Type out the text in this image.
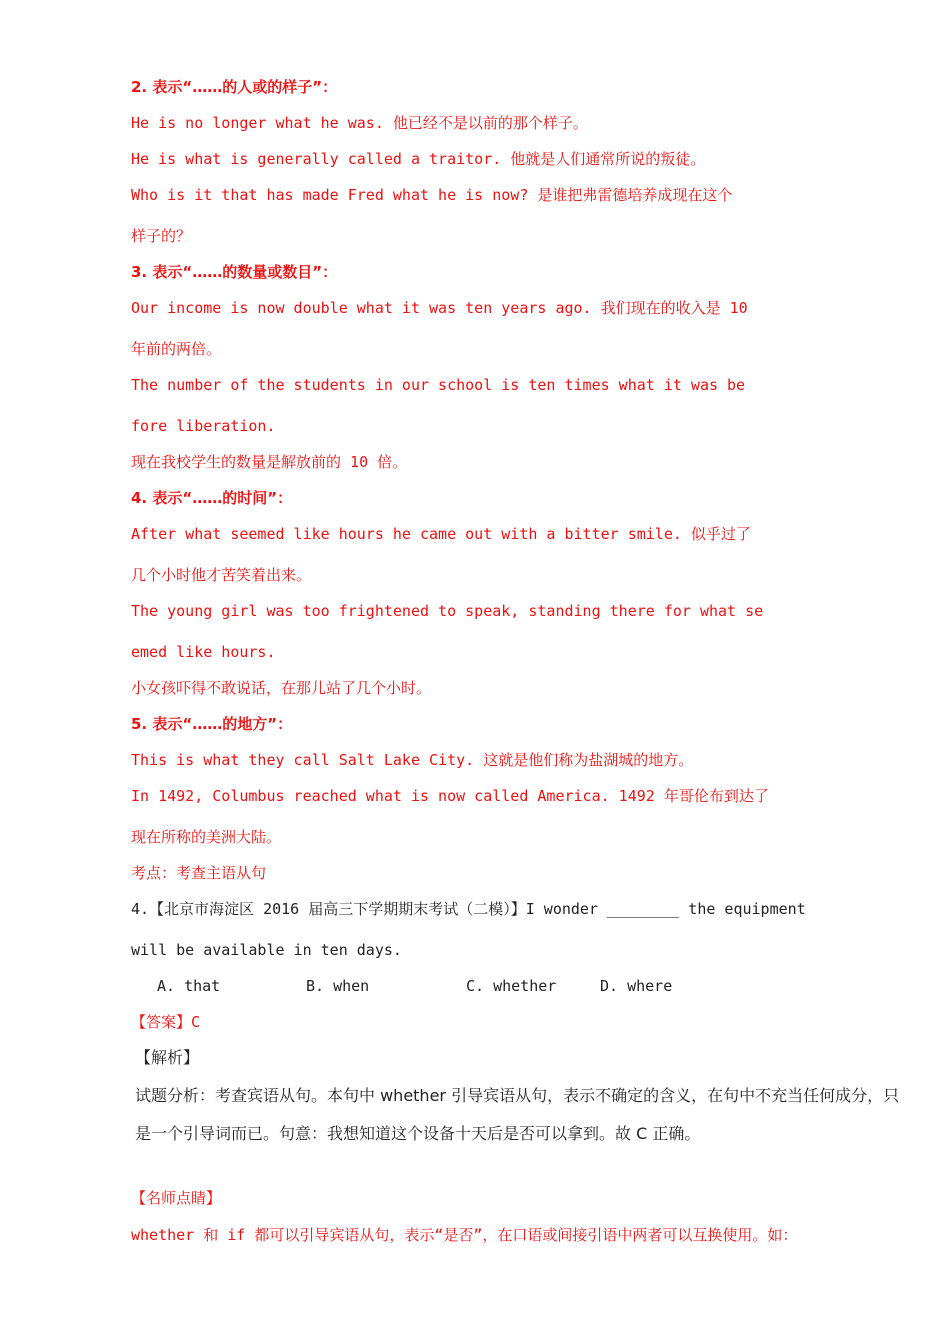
2. 表示“……的人或的样子”：
He is no longer what he was. 他已经不是以前的那个样子。
He is what is generally called a traitor. 他就是人们通常所说的叛徒。
Who is it that has made Fred what he is now? 是谁把弗雷德培养成现在这个
样子的？
3. 表示“……的数量或数目”：
Our income is now double what it was ten years ago. 我们现在的收入是 10
年前的两倍。
The number of the students in our school is ten times what it was be
fore liberation.
现在我校学生的数量是解放前的 10 倍。
4. 表示“……的时间”：
After what seemed like hours he came out with a bitter smile. 似乎过了
几个小时他才苦笑着出来。
The young girl was too frightened to speak, standing there for what se
emed like hours.
小女孩吓得不敢说话，在那儿站了几个小时。
5. 表示“……的地方”：
This is what they call Salt Lake City. 这就是他们称为盐湖城的地方。
In 1492, Columbus reached what is now called America. 1492 年哥伦布到达了
现在所称的美洲大陆。
考点：考查主语从句
4.【北京市海淀区 2016 届高三下学期期末考试（二模）】I wonder ________ the equipment
will be available in ten days.
A. that	B. when	C. whether	D. where
【答案】C
【解析】
试题分析：考查宾语从句。本句中 whether 引导宾语从句，表示不确定的含义，在句中不充当任何成分，只
是一个引导词而已。句意：我想知道这个设备十天后是否可以拿到。故 C 正确。
【名师点睛】
whether 和 if 都可以引导宾语从句，表示“是否”，在口语或间接引语中两者可以互换使用。如：
